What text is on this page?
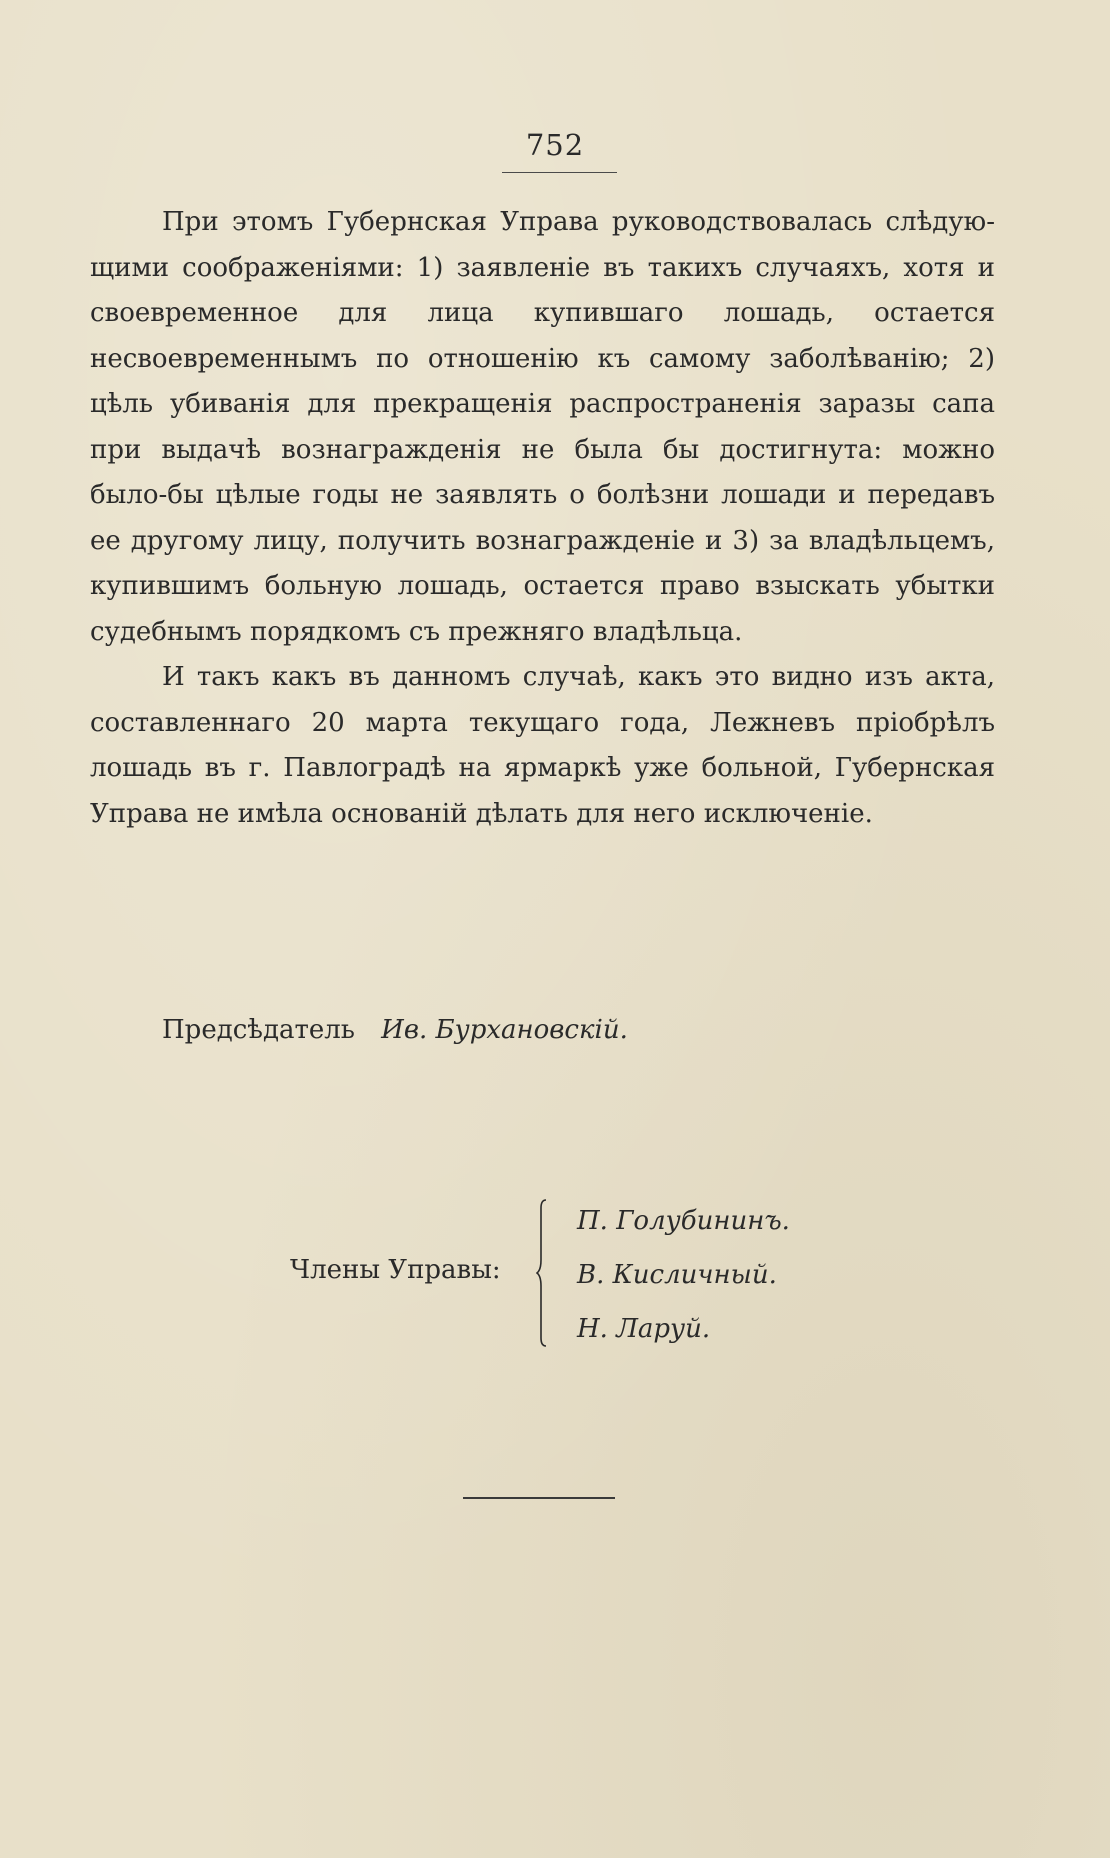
752

При этомъ Губернская Управа руководствовалась слѣдующими соображеніями: 1) заявленіе въ такихъ случаяхъ, хотя и своевременное для лица купившаго лошадь, остается несвоевременнымъ по отношенію къ самому заболѣванію; 2) цѣль убиванія для прекращенія распространенія заразы сапа при выдачѣ вознагражденія не была бы достигнута: можно было-бы цѣлые годы не заявлять о болѣзни лошади и передавъ ее другому лицу, получить вознагражденіе и 3) за владѣльцемъ, купившимъ больную лошадь, остается право взыскать убытки судебнымъ порядкомъ съ прежняго владѣльца.

И такъ какъ въ данномъ случаѣ, какъ это видно изъ акта, составленнаго 20 марта текущаго года, Лежневъ пріобрѣлъ лошадь въ г. Павлоградѣ на ярмаркѣ уже больной, Губернская Управа не имѣла основаній дѣлать для него исключеніе.

Предсѣдатель Ив. Бурхановскій.
Члены Управы:
П. Голубининъ.
В. Кисличный.
Н. Ларуй.
